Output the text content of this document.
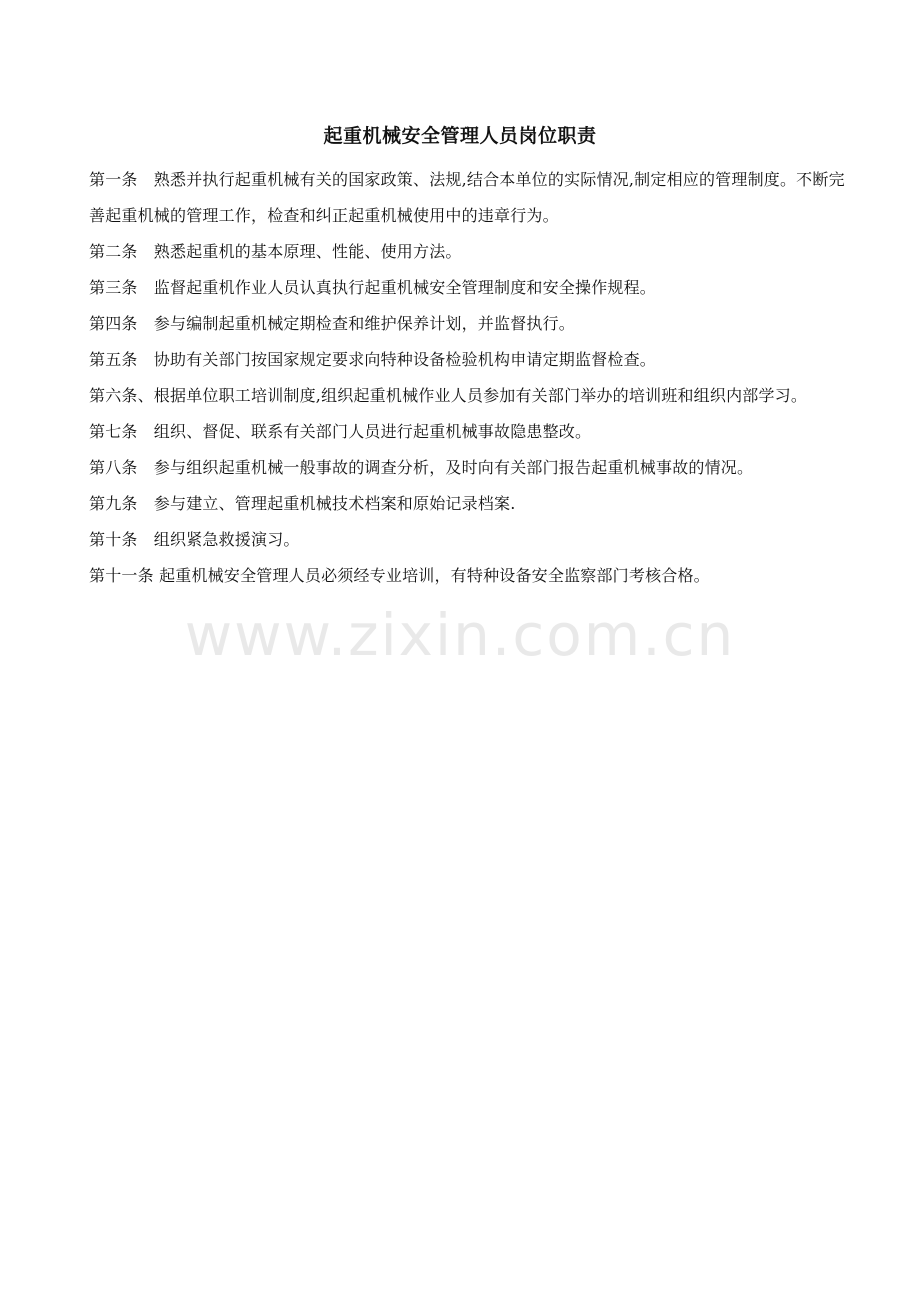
起重机械安全管理人员岗位职责

第一条　熟悉并执行起重机械有关的国家政策、法规,结合本单位的实际情况,制定相应的管理制度。不断完善起重机械的管理工作，检查和纠正起重机械使用中的违章行为。

第二条　熟悉起重机的基本原理、性能、使用方法。

第三条　监督起重机作业人员认真执行起重机械安全管理制度和安全操作规程。

第四条　参与编制起重机械定期检查和维护保养计划，并监督执行。

第五条　协助有关部门按国家规定要求向特种设备检验机构申请定期监督检查。

第六条、根据单位职工培训制度,组织起重机械作业人员参加有关部门举办的培训班和组织内部学习。

第七条　组织、督促、联系有关部门人员进行起重机械事故隐患整改。

第八条　参与组织起重机械一般事故的调查分析，及时向有关部门报告起重机械事故的情况。

第九条　参与建立、管理起重机械技术档案和原始记录档案.

第十条　组织紧急救援演习。

第十一条 起重机械安全管理人员必须经专业培训，有特种设备安全监察部门考核合格。

www.zixin.com.cn
